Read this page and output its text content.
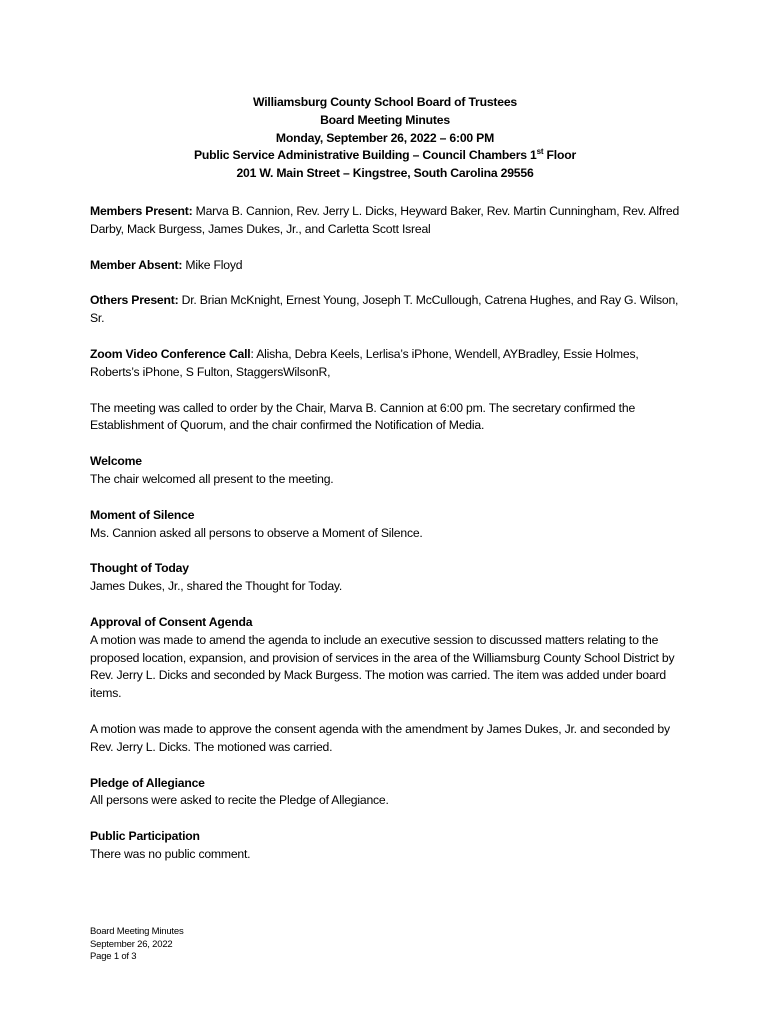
Williamsburg County School Board of Trustees
Board Meeting Minutes
Monday, September 26, 2022 – 6:00 PM
Public Service Administrative Building – Council Chambers 1st Floor
201 W. Main Street – Kingstree, South Carolina 29556

Members Present: Marva B. Cannion, Rev. Jerry L. Dicks, Heyward Baker, Rev. Martin Cunningham, Rev. Alfred Darby, Mack Burgess, James Dukes, Jr., and Carletta Scott Isreal

Member Absent: Mike Floyd

Others Present: Dr. Brian McKnight, Ernest Young, Joseph T. McCullough, Catrena Hughes, and Ray G. Wilson, Sr.

Zoom Video Conference Call: Alisha, Debra Keels, Lerlisa’s iPhone, Wendell, AYBradley, Essie Holmes, Roberts’s iPhone, S Fulton, StaggersWilsonR,

The meeting was called to order by the Chair, Marva B. Cannion at 6:00 pm. The secretary confirmed the Establishment of Quorum, and the chair confirmed the Notification of Media.

Welcome
The chair welcomed all present to the meeting.
Moment of Silence
Ms. Cannion asked all persons to observe a Moment of Silence.
Thought of Today
James Dukes, Jr., shared the Thought for Today.
Approval of Consent Agenda
A motion was made to amend the agenda to include an executive session to discussed matters relating to the proposed location, expansion, and provision of services in the area of the Williamsburg County School District by Rev. Jerry L. Dicks and seconded by Mack Burgess. The motion was carried. The item was added under board items.

A motion was made to approve the consent agenda with the amendment by James Dukes, Jr. and seconded by Rev. Jerry L. Dicks. The motioned was carried.

Pledge of Allegiance
All persons were asked to recite the Pledge of Allegiance.
Public Participation
There was no public comment.
Board Meeting Minutes
September 26, 2022
Page 1 of 3
